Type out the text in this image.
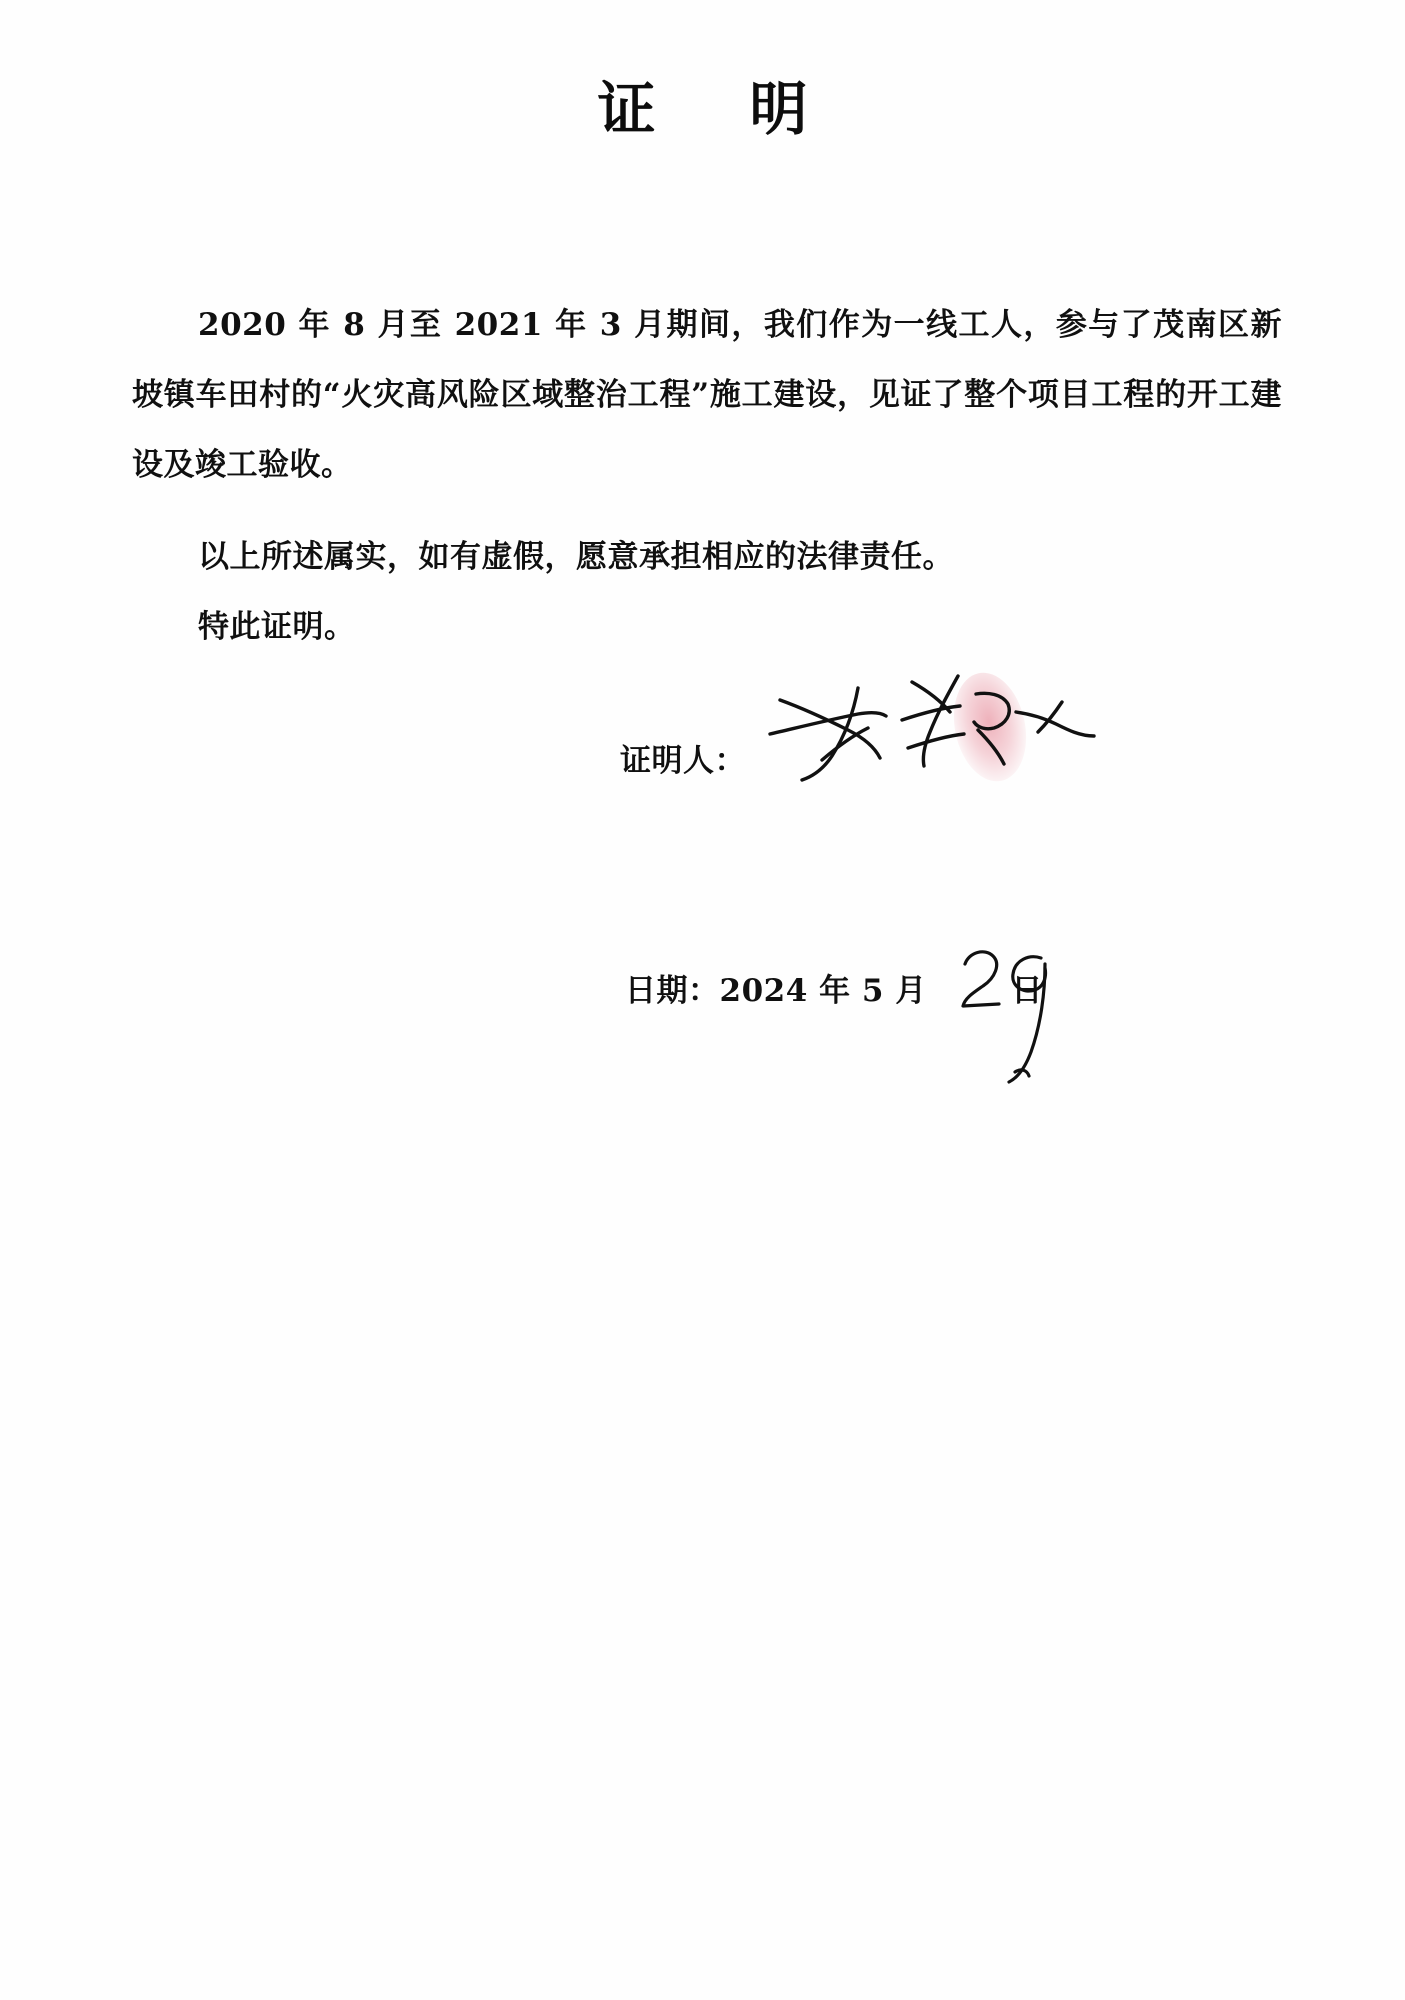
证　明
2020 年 8 月至 2021 年 3 月期间，我们作为一线工人，参与了茂南区新坡镇车田村的“火灾高风险区域整治工程”施工建设，见证了整个项目工程的开工建设及竣工验收。
以上所述属实，如有虚假，愿意承担相应的法律责任。
特此证明。
证明人：
日期：2024 年 5 月	日
